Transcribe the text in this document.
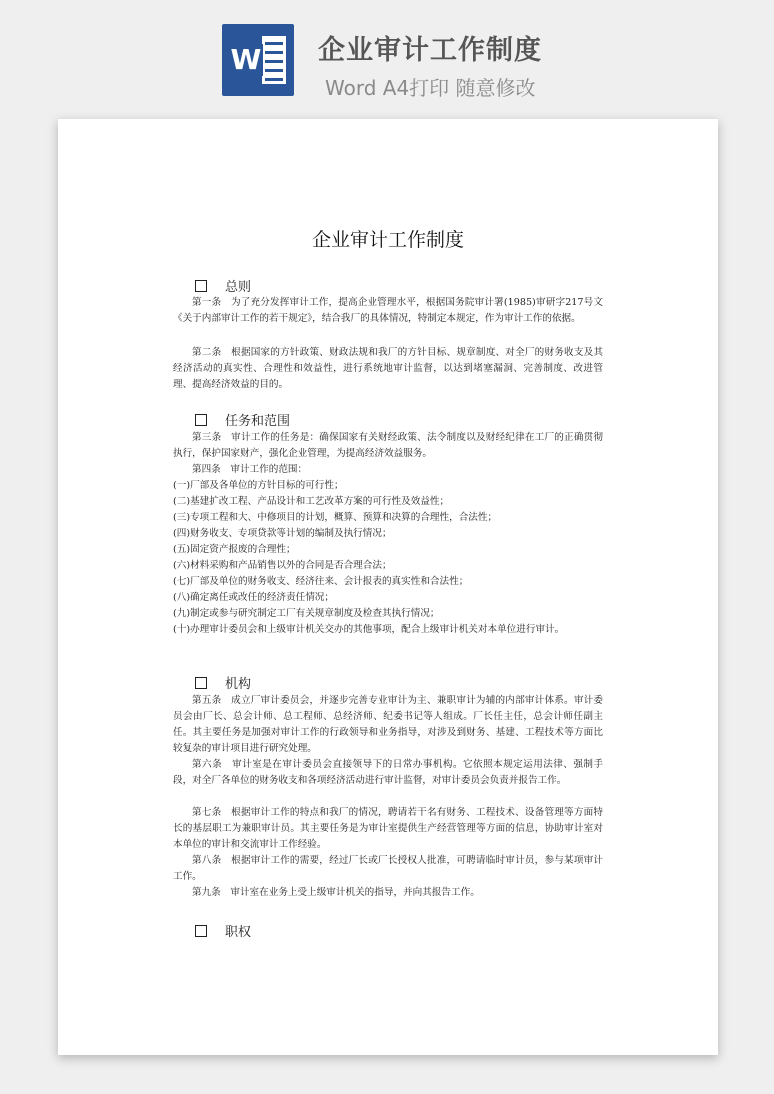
W 企业审计工作制度
Word A4打印 随意修改
企业审计工作制度
总则
第一条　为了充分发挥审计工作，提高企业管理水平，根据国务院审计署(1985)审研字217号文《关于内部审计工作的若干规定》，结合我厂的具体情况，特制定本规定，作为审计工作的依据。
第二条　根据国家的方针政策、财政法规和我厂的方针目标、规章制度、对全厂的财务收支及其经济活动的真实性、合理性和效益性，进行系统地审计监督，以达到堵塞漏洞、完善制度、改进管理、提高经济效益的目的。
任务和范围
第三条　审计工作的任务是：确保国家有关财经政策、法令制度以及财经纪律在工厂的正确贯彻执行，保护国家财产，强化企业管理，为提高经济效益服务。
第四条　审计工作的范围：
(一)厂部及各单位的方针目标的可行性；
(二)基建扩改工程、产品设计和工艺改革方案的可行性及效益性；
(三)专项工程和大、中修项目的计划，概算、预算和决算的合理性，合法性；
(四)财务收支、专项贷款等计划的编制及执行情况；
(五)固定资产报废的合理性；
(六)材料采购和产品销售以外的合同是否合理合法；
(七)厂部及单位的财务收支、经济往来、会计报表的真实性和合法性；
(八)确定离任或改任的经济责任情况；
(九)制定或参与研究制定工厂有关规章制度及检查其执行情况；
(十)办理审计委员会和上级审计机关交办的其他事项，配合上级审计机关对本单位进行审计。
机构
第五条　成立厂审计委员会，并逐步完善专业审计为主、兼职审计为辅的内部审计体系。审计委员会由厂长、总会计师、总工程师、总经济师、纪委书记等人组成。厂长任主任，总会计师任副主任。其主要任务是加强对审计工作的行政领导和业务指导，对涉及到财务、基建、工程技术等方面比较复杂的审计项目进行研究处理。
第六条　审计室是在审计委员会直接领导下的日常办事机构。它依照本规定运用法律、强制手段，对全厂各单位的财务收支和各项经济活动进行审计监督，对审计委员会负责并报告工作。
第七条　根据审计工作的特点和我厂的情况，聘请若干名有财务、工程技术、设备管理等方面特长的基层职工为兼职审计员。其主要任务是为审计室提供生产经营管理等方面的信息，协助审计室对本单位的审计和交流审计工作经验。
第八条　根据审计工作的需要，经过厂长或厂长授权人批准，可聘请临时审计员，参与某项审计工作。
第九条　审计室在业务上受上级审计机关的指导，并向其报告工作。
职权
